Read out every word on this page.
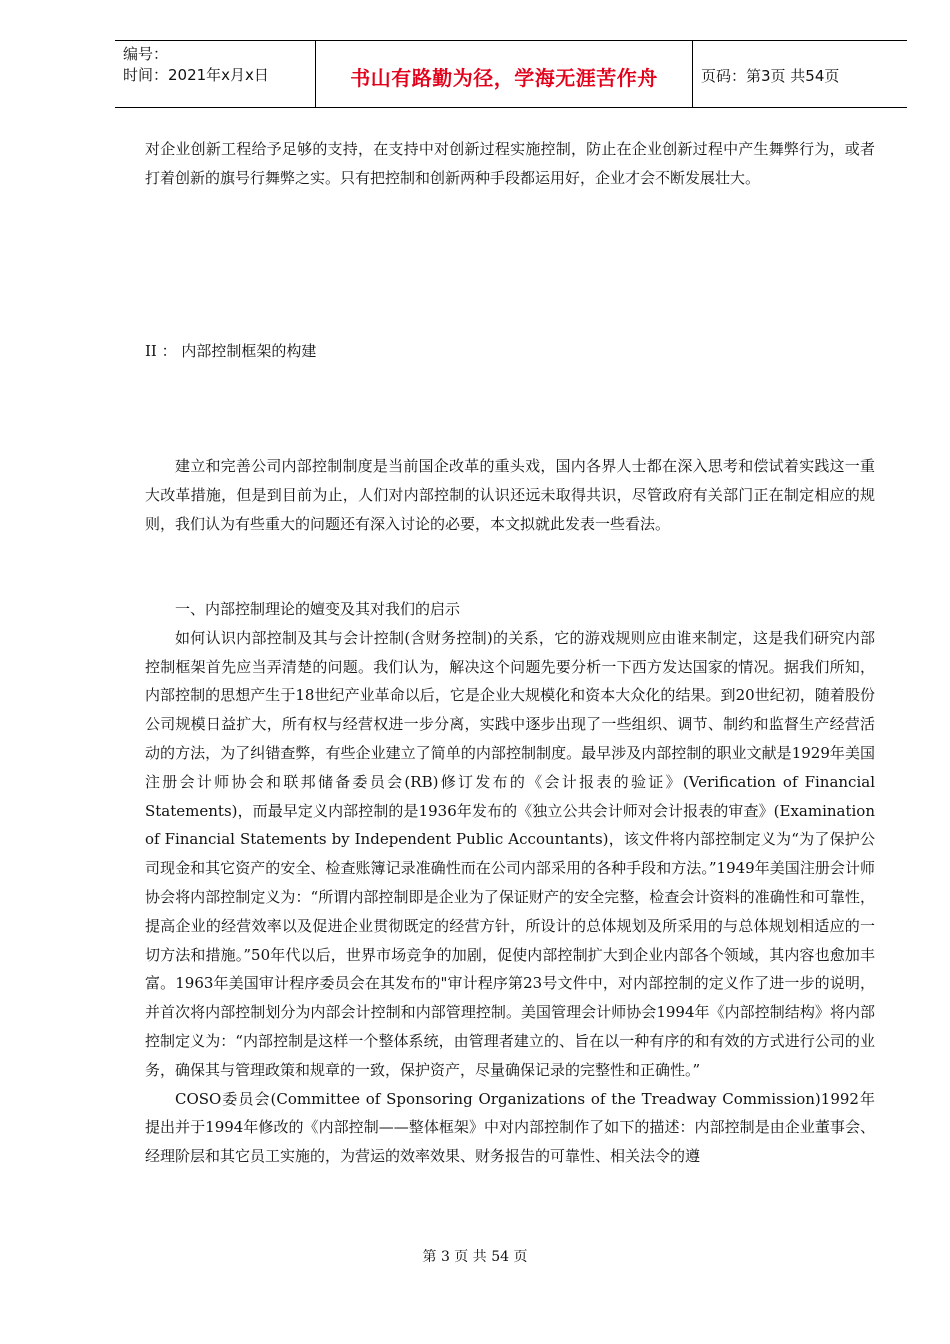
编号：
时间：2021年x月x日	书山有路勤为径，学海无涯苦作舟	页码：第3页 共54页

对企业创新工程给予足够的支持，在支持中对创新过程实施控制，防止在企业创新过程中产生舞弊行为，或者打着创新的旗号行舞弊之实。只有把控制和创新两种手段都运用好，企业才会不断发展壮大。

II ： 内部控制框架的构建

建立和完善公司内部控制制度是当前国企改革的重头戏，国内各界人士都在深入思考和偿试着实践这一重大改革措施，但是到目前为止，人们对内部控制的认识还远未取得共识，尽管政府有关部门正在制定相应的规则，我们认为有些重大的问题还有深入讨论的必要，本文拟就此发表一些看法。

一、内部控制理论的嬗变及其对我们的启示

如何认识内部控制及其与会计控制(含财务控制)的关系，它的游戏规则应由谁来制定，这是我们研究内部控制框架首先应当弄清楚的问题。我们认为，解决这个问题先要分析一下西方发达国家的情况。据我们所知，内部控制的思想产生于18世纪产业革命以后，它是企业大规模化和资本大众化的结果。到20世纪初，随着股份公司规模日益扩大，所有权与经营权进一步分离，实践中逐步出现了一些组织、调节、制约和监督生产经营活动的方法，为了纠错查弊，有些企业建立了简单的内部控制制度。最早涉及内部控制的职业文献是1929年美国注册会计师协会和联邦储备委员会(RB)修订发布的《会计报表的验证》(Verification of Financial Statements)，而最早定义内部控制的是1936年发布的《独立公共会计师对会计报表的审查》(Examination of Financial Statements by Independent Public Accountants)，该文件将内部控制定义为“为了保护公司现金和其它资产的安全、检查账簿记录准确性而在公司内部采用的各种手段和方法。”1949年美国注册会计师协会将内部控制定义为：“所谓内部控制即是企业为了保证财产的安全完整，检查会计资料的准确性和可靠性，提高企业的经营效率以及促进企业贯彻既定的经营方针，所设计的总体规划及所采用的与总体规划相适应的一切方法和措施。”50年代以后，世界市场竞争的加剧，促使内部控制扩大到企业内部各个领域，其内容也愈加丰富。1963年美国审计程序委员会在其发布的"审计程序第23号文件中，对内部控制的定义作了进一步的说明，并首次将内部控制划分为内部会计控制和内部管理控制。美国管理会计师协会1994年《内部控制结构》将内部控制定义为：“内部控制是这样一个整体系统，由管理者建立的、旨在以一种有序的和有效的方式进行公司的业务，确保其与管理政策和规章的一致，保护资产，尽量确保记录的完整性和正确性。”

COSO委员会(Committee of Sponsoring Organizations of the Treadway Commission)1992年提出并于1994年修改的《内部控制——整体框架》中对内部控制作了如下的描述：内部控制是由企业董事会、经理阶层和其它员工实施的，为营运的效率效果、财务报告的可靠性、相关法令的遵

第 3 页 共 54 页
